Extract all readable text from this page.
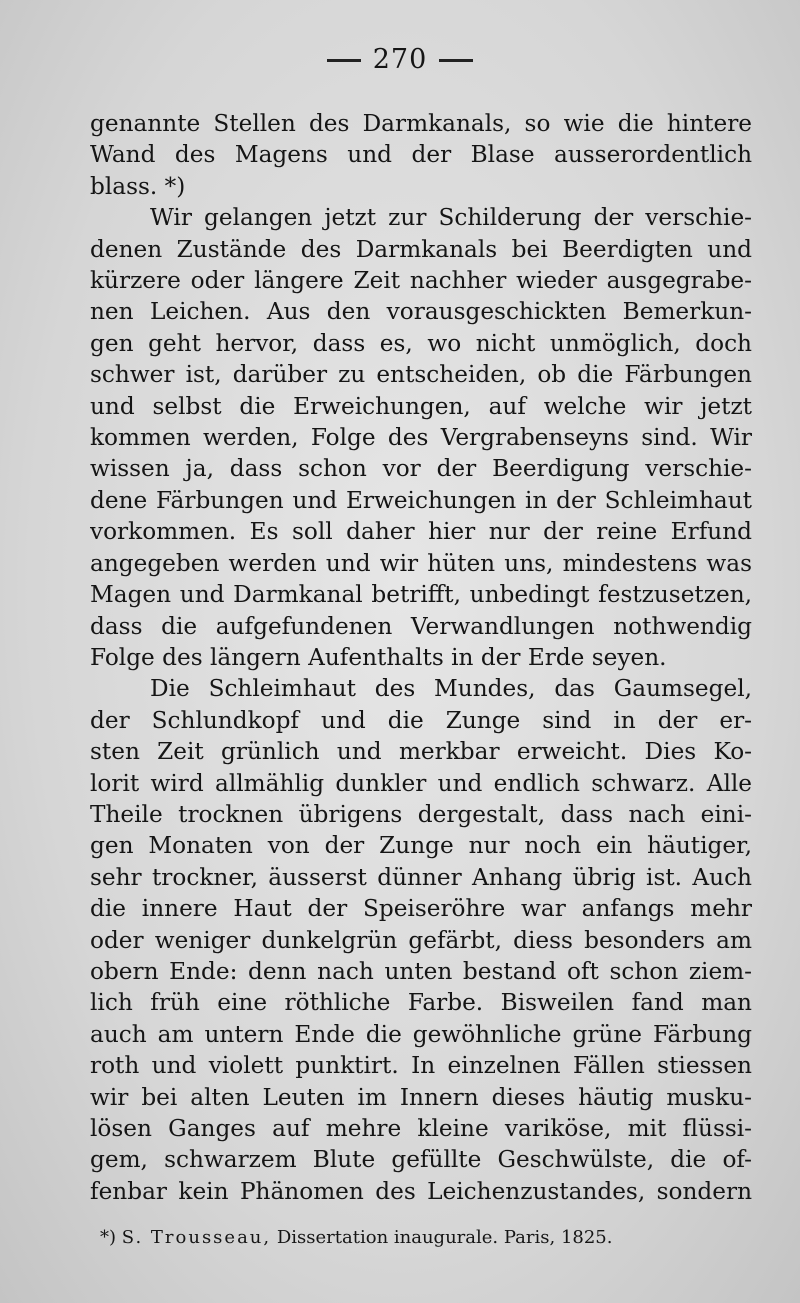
270
genannte Stellen des Darmkanals, so wie die hintere
Wand des Magens und der Blase ausserordentlich
blass. *)
Wir gelangen jetzt zur Schilderung der verschie-
denen Zustände des Darmkanals bei Beerdigten und
kürzere oder längere Zeit nachher wieder ausgegrabe-
nen Leichen. Aus den vorausgeschickten Bemerkun-
gen geht hervor, dass es, wo nicht unmöglich, doch
schwer ist, darüber zu entscheiden, ob die Färbungen
und selbst die Erweichungen, auf welche wir jetzt
kommen werden, Folge des Vergrabenseyns sind. Wir
wissen ja, dass schon vor der Beerdigung verschie-
dene Färbungen und Erweichungen in der Schleimhaut
vorkommen. Es soll daher hier nur der reine Erfund
angegeben werden und wir hüten uns, mindestens was
Magen und Darmkanal betrifft, unbedingt festzusetzen,
dass die aufgefundenen Verwandlungen nothwendig
Folge des längern Aufenthalts in der Erde seyen.
Die Schleimhaut des Mundes, das Gaumsegel,
der Schlundkopf und die Zunge sind in der er-
sten Zeit grünlich und merkbar erweicht. Dies Ko-
lorit wird allmählig dunkler und endlich schwarz. Alle
Theile trocknen übrigens dergestalt, dass nach eini-
gen Monaten von der Zunge nur noch ein häutiger,
sehr trockner, äusserst dünner Anhang übrig ist. Auch
die innere Haut der Speiseröhre war anfangs mehr
oder weniger dunkelgrün gefärbt, diess besonders am
obern Ende: denn nach unten bestand oft schon ziem-
lich früh eine röthliche Farbe. Bisweilen fand man
auch am untern Ende die gewöhnliche grüne Färbung
roth und violett punktirt. In einzelnen Fällen stiessen
wir bei alten Leuten im Innern dieses häutig musku-
lösen Ganges auf mehre kleine variköse, mit flüssi-
gem, schwarzem Blute gefüllte Geschwülste, die of-
fenbar kein Phänomen des Leichenzustandes, sondern
*) S. Trousseau, Dissertation inaugurale. Paris, 1825.
